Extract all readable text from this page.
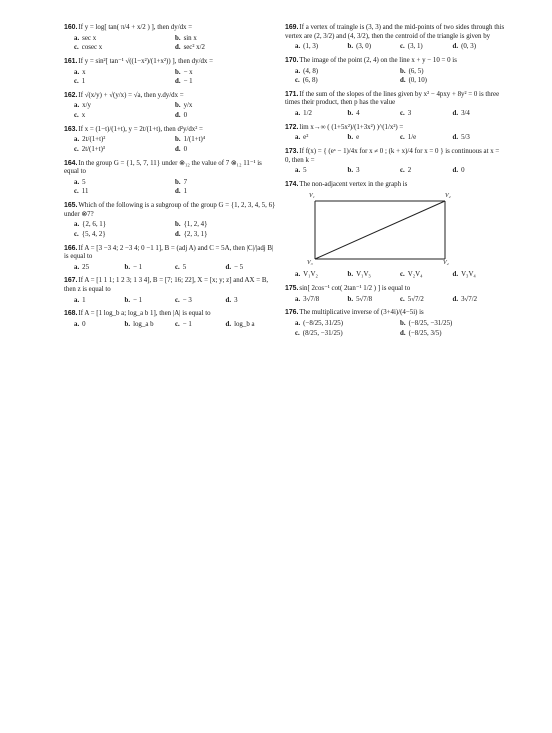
160.If y = log[ tan( π/4 + x/2 ) ], then dy/dx =
a. sec x	b. sin x
c. cosec x	d. sec² x/2
161.If y = sin²[ tan⁻¹ √((1−x²)/(1+x²)) ], then dy/dx =
a. x	b. − x
c. 1	d. − 1
162.If √(x/y) + √(y/x) = √a, then y.dy/dx =
a. x/y	b. y/x
c. x	d. 0
163.If x = (1−t)/(1+t), y = 2t/(1+t), then d²y/dx² =
a. 2t/(1+t)²	b. 1/(1+t)⁴
c. 2t/(1+t)³	d. 0
164.In the group G = {1, 5, 7, 11} under ⊗₁₂ the value of 7 ⊗₁₂ 11⁻¹ is equal to
a. 5	b. 7
c. 11	d. 1
165.Which of the following is a subgroup of the group G = {1, 2, 3, 4, 5, 6} under ⊗7?
a. {2, 6, 1}	b. {1, 2, 4}
c. {5, 4, 2}	d. {2, 3, 1}
166.If A = [3 −3 4; 2 −3 4; 0 −1 1], B = (adj A) and C = 5A, then |C|/|adj B| is equal to
a. 25	b. − 1	c. 5	d. − 5
167.If A = [1 1 1; 1 2 3; 1 3 4], B = [7; 16; 22], X = [x; y; z] and AX = B, then z is equal to
a. 1	b. − 1	c. − 3	d. 3
168.If A = [1 log_b a; log_a b 1], then |A| is equal to
a. 0	b. log_a b	c. − 1	d. log_b a
169.If a vertex of traingle is (3, 3) and the mid-points of two sides through this vertex are (2, 3/2) and (4, 3/2), then the centroid of the triangle is given by
a. (1, 3)	b. (3, 0)	c. (3, 1)	d. (0, 3)
170.The image of the point (2, 4) on the line x + y − 10 = 0 is
a. (4, 8)	b. (6, 5)
c. (6, 8)	d. (0, 10)
171.If the sum of the slopes of the lines given by x² − 4pxy + 8y² = 0 is three times their product, then p has the value
a. 1/2	b. 4	c. 3	d. 3/4
172.lim x→∞ ( (1+5x²)/(1+3x²) )^(1/x²) =
a. e²	b. e	c. 1/e	d. 5/3
173.If f(x) = { (eˣ − 1)/4x for x ≠ 0 ; (k + x)/4 for x = 0 } is continuous at x = 0, then k =
a. 5	b. 3	c. 2	d. 0
174.The non-adjacent vertex in the graph is
V₁	V₂
V₃	V₄
a. V₁V₂	b. V₁V₃	c. V₂V₄	d. V₃V₄
175.sin[ 2cos⁻¹ cot( 2tan⁻¹ 1/2 ) ] is equal to
a. 3√7/8	b. 5√7/8	c. 5√7/2	d. 3√7/2
176.The multiplicative inverse of (3+4i)/(4−5i) is
a. (−8/25, 31/25)	b. (−8/25, −31/25)
c. (8/25, −31/25)	d. (−8/25, 3/5)
